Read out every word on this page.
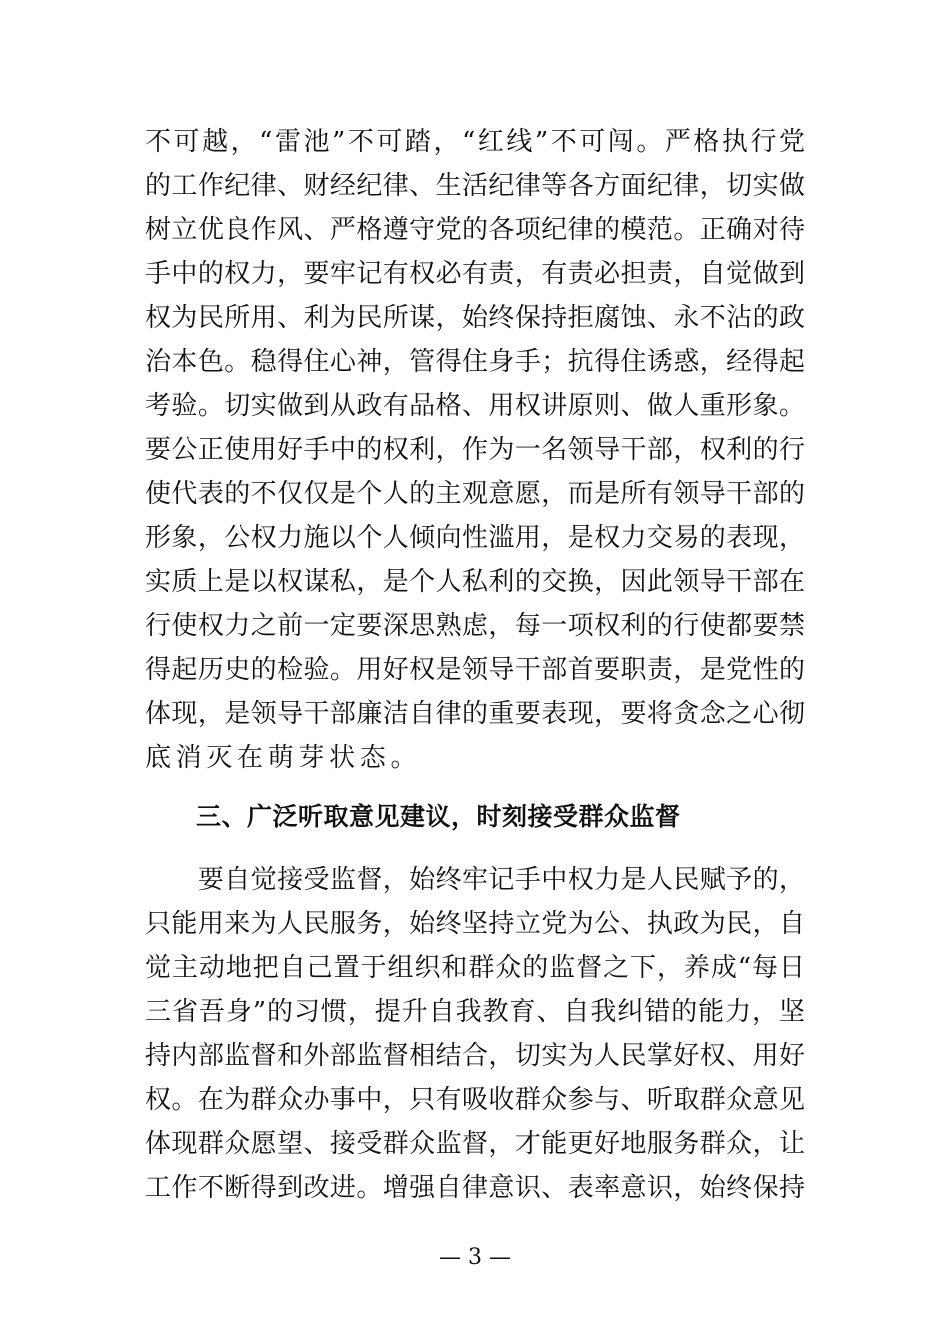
不可越，“雷池”不可踏，“红线”不可闯。严格执行党
的工作纪律、财经纪律、生活纪律等各方面纪律，切实做
树立优良作风、严格遵守党的各项纪律的模范。正确对待
手中的权力，要牢记有权必有责，有责必担责，自觉做到
权为民所用、利为民所谋，始终保持拒腐蚀、永不沾的政
治本色。稳得住心神，管得住身手；抗得住诱惑，经得起
考验。切实做到从政有品格、用权讲原则、做人重形象。
要公正使用好手中的权利，作为一名领导干部，权利的行
使代表的不仅仅是个人的主观意愿，而是所有领导干部的
形象，公权力施以个人倾向性滥用，是权力交易的表现，
实质上是以权谋私，是个人私利的交换，因此领导干部在
行使权力之前一定要深思熟虑，每一项权利的行使都要禁
得起历史的检验。用好权是领导干部首要职责，是党性的
体现，是领导干部廉洁自律的重要表现，要将贪念之心彻
底消灭在萌芽状态。
三、广泛听取意见建议，时刻接受群众监督
　　要自觉接受监督，始终牢记手中权力是人民赋予的，
只能用来为人民服务，始终坚持立党为公、执政为民，自
觉主动地把自己置于组织和群众的监督之下，养成“每日
三省吾身”的习惯，提升自我教育、自我纠错的能力，坚
持内部监督和外部监督相结合，切实为人民掌好权、用好
权。在为群众办事中，只有吸收群众参与、听取群众意见
体现群众愿望、接受群众监督，才能更好地服务群众，让
工作不断得到改进。增强自律意识、表率意识，始终保持
— 3 —
